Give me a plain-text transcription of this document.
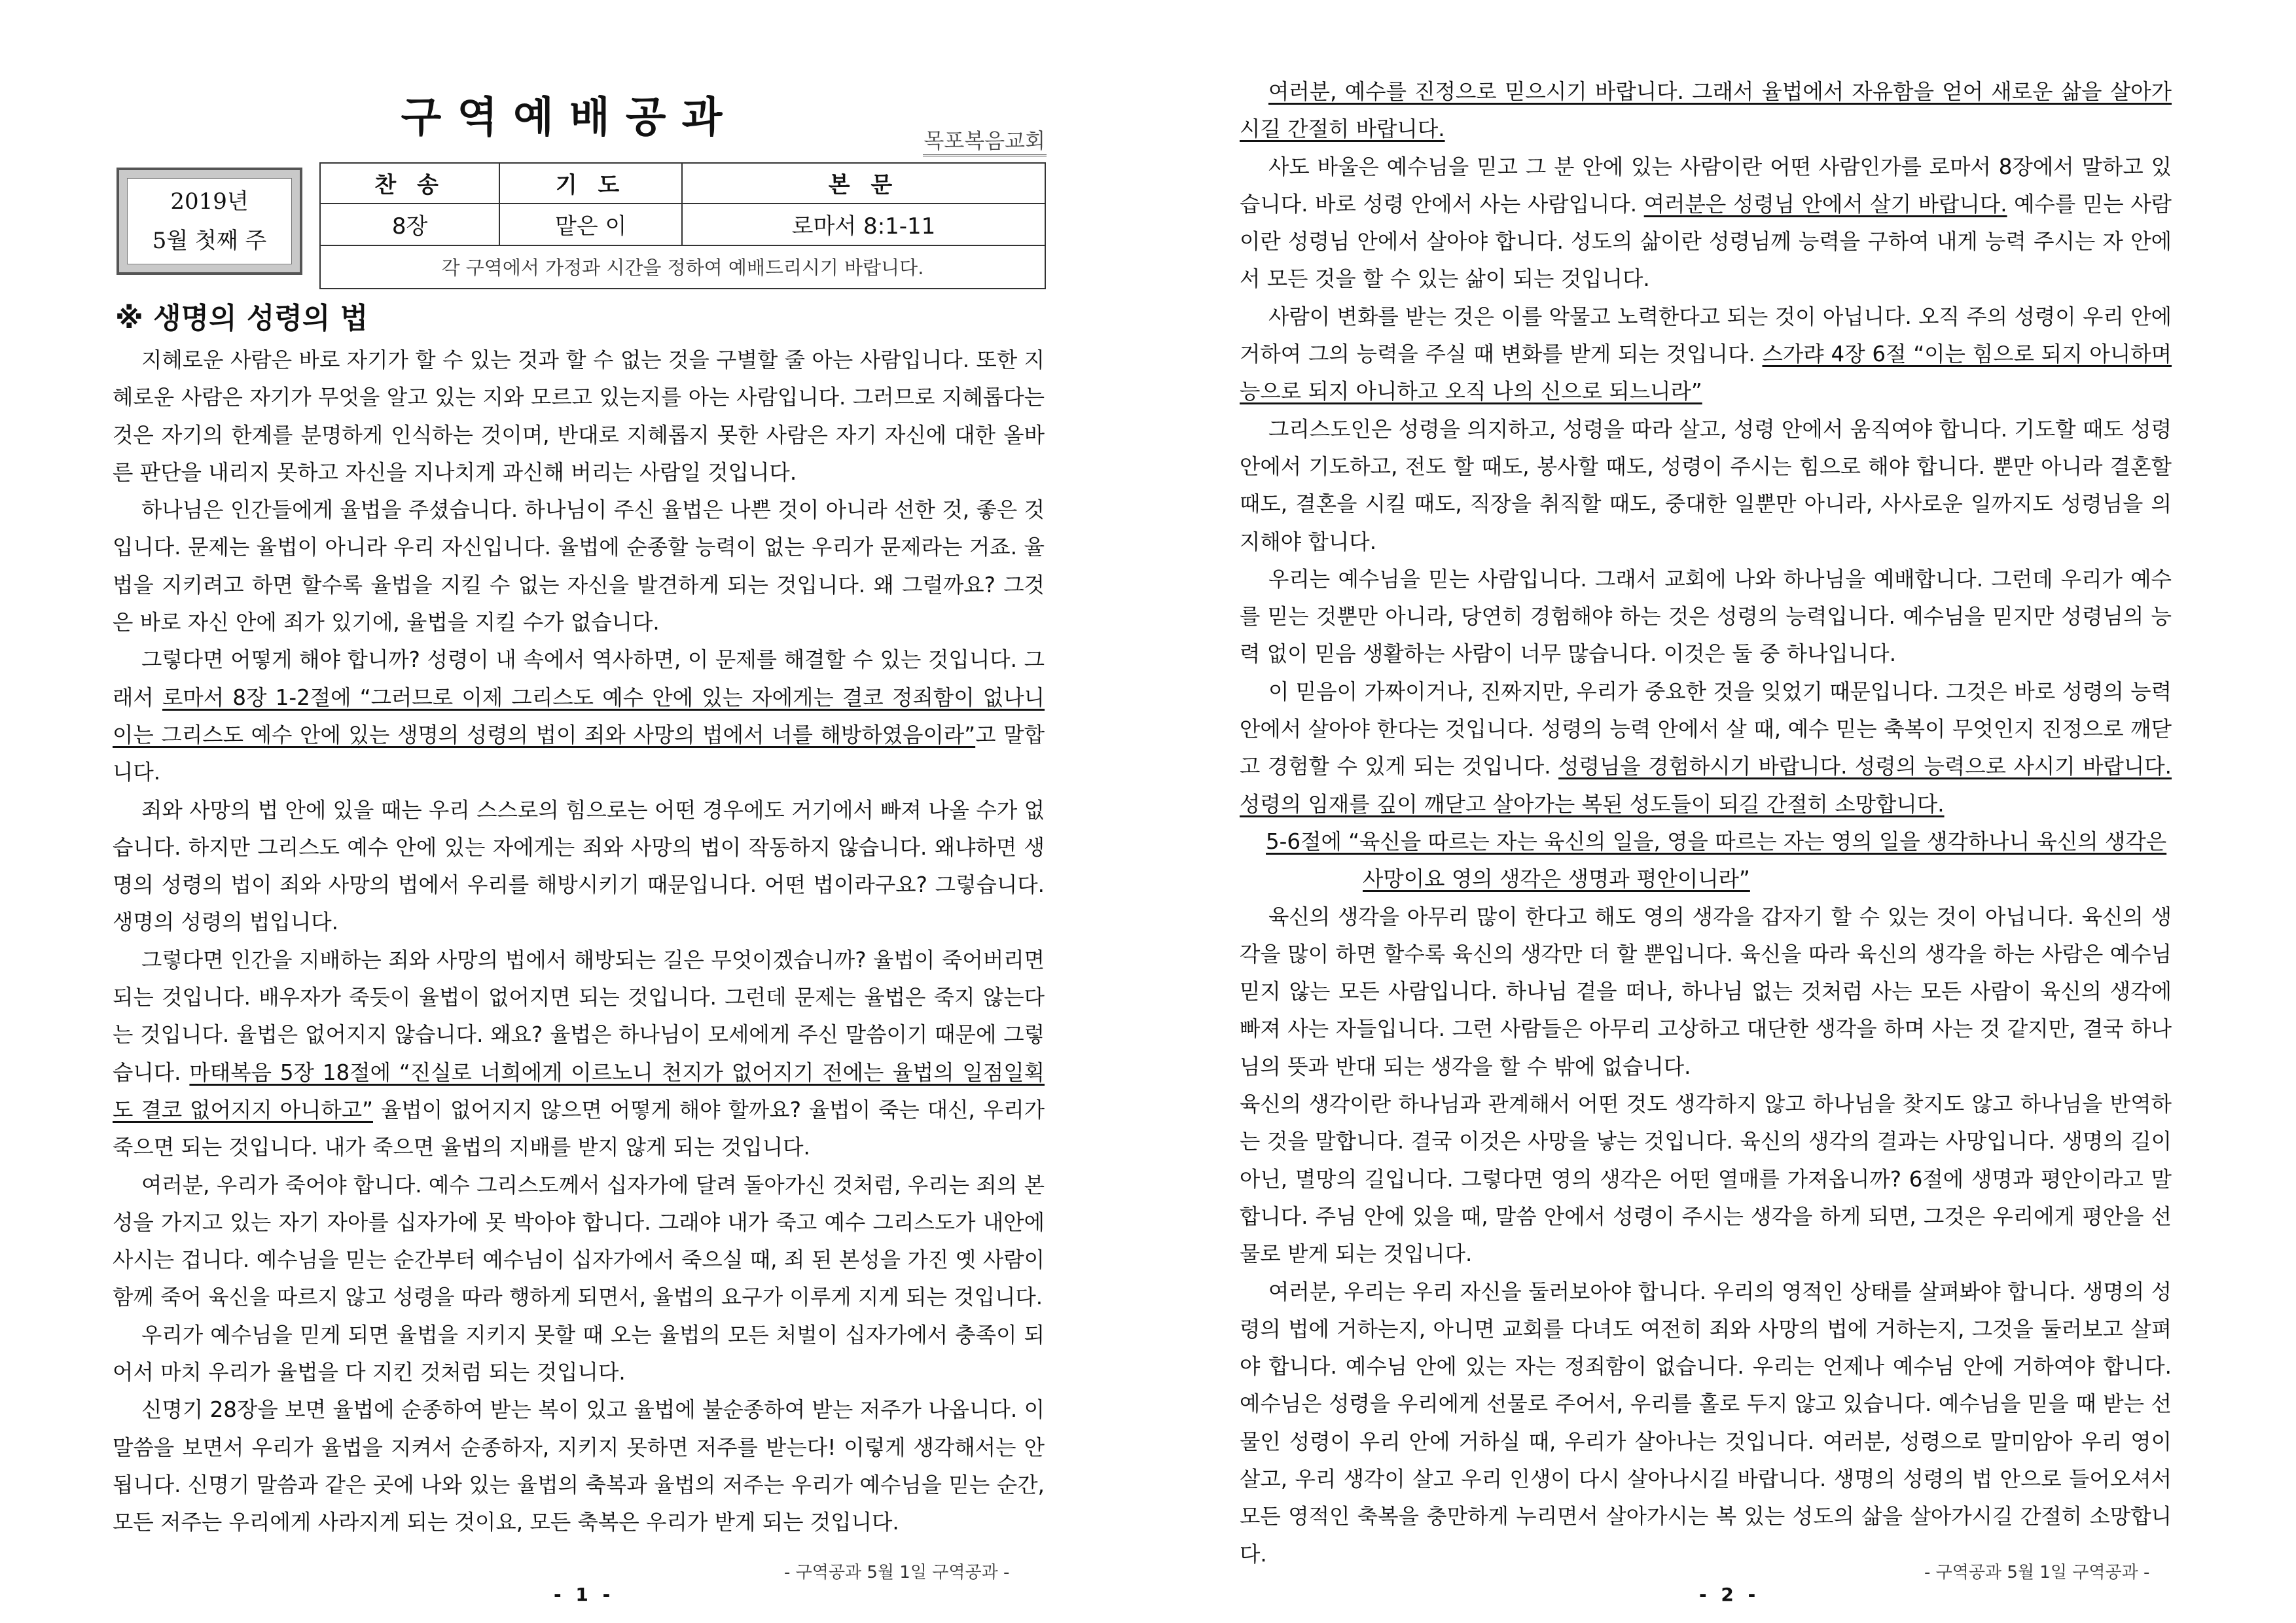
구역예배공과	목포복음교회
2019년
5월 첫째 주
찬 송	기 도	본 문
8장	맡은 이	로마서 8:1-11
각 구역에서 가정과 시간을 정하여 예배드리시기 바랍니다.		
※ 생명의 성령의 법

지혜로운 사람은 바로 자기가 할 수 있는 것과 할 수 없는 것을 구별할 줄 아는 사람입니다. 또한 지혜로운 사람은 자기가 무엇을 알고 있는 지와 모르고 있는지를 아는 사람입니다. 그러므로 지혜롭다는 것은 자기의 한계를 분명하게 인식하는 것이며, 반대로 지혜롭지 못한 사람은 자기 자신에 대한 올바른 판단을 내리지 못하고 자신을 지나치게 과신해 버리는 사람일 것입니다.

하나님은 인간들에게 율법을 주셨습니다. 하나님이 주신 율법은 나쁜 것이 아니라 선한 것, 좋은 것입니다. 문제는 율법이 아니라 우리 자신입니다. 율법에 순종할 능력이 없는 우리가 문제라는 거죠. 율법을 지키려고 하면 할수록 율법을 지킬 수 없는 자신을 발견하게 되는 것입니다. 왜 그럴까요? 그것은 바로 자신 안에 죄가 있기에, 율법을 지킬 수가 없습니다.

그렇다면 어떻게 해야 합니까? 성령이 내 속에서 역사하면, 이 문제를 해결할 수 있는 것입니다. 그래서 로마서 8장 1-2절에 “그러므로 이제 그리스도 예수 안에 있는 자에게는 결코 정죄함이 없나니 이는 그리스도 예수 안에 있는 생명의 성령의 법이 죄와 사망의 법에서 너를 해방하였음이라”고 말합니다.

죄와 사망의 법 안에 있을 때는 우리 스스로의 힘으로는 어떤 경우에도 거기에서 빠져 나올 수가 없습니다. 하지만 그리스도 예수 안에 있는 자에게는 죄와 사망의 법이 작동하지 않습니다. 왜냐하면 생명의 성령의 법이 죄와 사망의 법에서 우리를 해방시키기 때문입니다. 어떤 법이라구요? 그렇습니다. 생명의 성령의 법입니다.

그렇다면 인간을 지배하는 죄와 사망의 법에서 해방되는 길은 무엇이겠습니까? 율법이 죽어버리면 되는 것입니다. 배우자가 죽듯이 율법이 없어지면 되는 것입니다. 그런데 문제는 율법은 죽지 않는다는 것입니다. 율법은 없어지지 않습니다. 왜요? 율법은 하나님이 모세에게 주신 말씀이기 때문에 그렇습니다. 마태복음 5장 18절에 “진실로 너희에게 이르노니 천지가 없어지기 전에는 율법의 일점일획도 결코 없어지지 아니하고” 율법이 없어지지 않으면 어떻게 해야 할까요? 율법이 죽는 대신, 우리가 죽으면 되는 것입니다. 내가 죽으면 율법의 지배를 받지 않게 되는 것입니다.

여러분, 우리가 죽어야 합니다. 예수 그리스도께서 십자가에 달려 돌아가신 것처럼, 우리는 죄의 본성을 가지고 있는 자기 자아를 십자가에 못 박아야 합니다. 그래야 내가 죽고 예수 그리스도가 내안에 사시는 겁니다. 예수님을 믿는 순간부터 예수님이 십자가에서 죽으실 때, 죄 된 본성을 가진 옛 사람이 함께 죽어 육신을 따르지 않고 성령을 따라 행하게 되면서, 율법의 요구가 이루게 지게 되는 것입니다.

우리가 예수님을 믿게 되면 율법을 지키지 못할 때 오는 율법의 모든 처벌이 십자가에서 충족이 되어서 마치 우리가 율법을 다 지킨 것처럼 되는 것입니다.

신명기 28장을 보면 율법에 순종하여 받는 복이 있고 율법에 불순종하여 받는 저주가 나옵니다. 이 말씀을 보면서 우리가 율법을 지켜서 순종하자, 지키지 못하면 저주를 받는다! 이렇게 생각해서는 안 됩니다. 신명기 말씀과 같은 곳에 나와 있는 율법의 축복과 율법의 저주는 우리가 예수님을 믿는 순간, 모든 저주는 우리에게 사라지게 되는 것이요, 모든 축복은 우리가 받게 되는 것입니다.

- 구역공과 5월 1일 구역공과 -
- 1 -

여러분, 예수를 진정으로 믿으시기 바랍니다. 그래서 율법에서 자유함을 얻어 새로운 삶을 살아가시길 간절히 바랍니다.

사도 바울은 예수님을 믿고 그 분 안에 있는 사람이란 어떤 사람인가를 로마서 8장에서 말하고 있습니다. 바로 성령 안에서 사는 사람입니다. 여러분은 성령님 안에서 살기 바랍니다. 예수를 믿는 사람이란 성령님 안에서 살아야 합니다. 성도의 삶이란 성령님께 능력을 구하여 내게 능력 주시는 자 안에서 모든 것을 할 수 있는 삶이 되는 것입니다.

사람이 변화를 받는 것은 이를 악물고 노력한다고 되는 것이 아닙니다. 오직 주의 성령이 우리 안에 거하여 그의 능력을 주실 때 변화를 받게 되는 것입니다. 스가랴 4장 6절 “이는 힘으로 되지 아니하며 능으로 되지 아니하고 오직 나의 신으로 되느니라”

그리스도인은 성령을 의지하고, 성령을 따라 살고, 성령 안에서 움직여야 합니다. 기도할 때도 성령 안에서 기도하고, 전도 할 때도, 봉사할 때도, 성령이 주시는 힘으로 해야 합니다. 뿐만 아니라 결혼할 때도, 결혼을 시킬 때도, 직장을 취직할 때도, 중대한 일뿐만 아니라, 사사로운 일까지도 성령님을 의지해야 합니다.

우리는 예수님을 믿는 사람입니다. 그래서 교회에 나와 하나님을 예배합니다. 그런데 우리가 예수를 믿는 것뿐만 아니라, 당연히 경험해야 하는 것은 성령의 능력입니다. 예수님을 믿지만 성령님의 능력 없이 믿음 생활하는 사람이 너무 많습니다. 이것은 둘 중 하나입니다.

이 믿음이 가짜이거나, 진짜지만, 우리가 중요한 것을 잊었기 때문입니다. 그것은 바로 성령의 능력 안에서 살아야 한다는 것입니다. 성령의 능력 안에서 살 때, 예수 믿는 축복이 무엇인지 진정으로 깨닫고 경험할 수 있게 되는 것입니다. 성령님을 경험하시기 바랍니다. 성령의 능력으로 사시기 바랍니다. 성령의 임재를 깊이 깨닫고 살아가는 복된 성도들이 되길 간절히 소망합니다.

5-6절에 “육신을 따르는 자는 육신의 일을, 영을 따르는 자는 영의 일을 생각하나니 육신의 생각은
사망이요 영의 생각은 생명과 평안이니라”

육신의 생각을 아무리 많이 한다고 해도 영의 생각을 갑자기 할 수 있는 것이 아닙니다. 육신의 생각을 많이 하면 할수록 육신의 생각만 더 할 뿐입니다. 육신을 따라 육신의 생각을 하는 사람은 예수님 믿지 않는 모든 사람입니다. 하나님 곁을 떠나, 하나님 없는 것처럼 사는 모든 사람이 육신의 생각에 빠져 사는 자들입니다. 그런 사람들은 아무리 고상하고 대단한 생각을 하며 사는 것 같지만, 결국 하나님의 뜻과 반대 되는 생각을 할 수 밖에 없습니다.

육신의 생각이란 하나님과 관계해서 어떤 것도 생각하지 않고 하나님을 찾지도 않고 하나님을 반역하는 것을 말합니다. 결국 이것은 사망을 낳는 것입니다. 육신의 생각의 결과는 사망입니다. 생명의 길이 아닌, 멸망의 길입니다. 그렇다면 영의 생각은 어떤 열매를 가져옵니까? 6절에 생명과 평안이라고 말합니다. 주님 안에 있을 때, 말씀 안에서 성령이 주시는 생각을 하게 되면, 그것은 우리에게 평안을 선물로 받게 되는 것입니다.

여러분, 우리는 우리 자신을 둘러보아야 합니다. 우리의 영적인 상태를 살펴봐야 합니다. 생명의 성령의 법에 거하는지, 아니면 교회를 다녀도 여전히 죄와 사망의 법에 거하는지, 그것을 둘러보고 살펴야 합니다. 예수님 안에 있는 자는 정죄함이 없습니다. 우리는 언제나 예수님 안에 거하여야 합니다. 예수님은 성령을 우리에게 선물로 주어서, 우리를 홀로 두지 않고 있습니다. 예수님을 믿을 때 받는 선물인 성령이 우리 안에 거하실 때, 우리가 살아나는 것입니다. 여러분, 성령으로 말미암아 우리 영이 살고, 우리 생각이 살고 우리 인생이 다시 살아나시길 바랍니다. 생명의 성령의 법 안으로 들어오셔서 모든 영적인 축복을 충만하게 누리면서 살아가시는 복 있는 성도의 삶을 살아가시길 간절히 소망합니다.

- 구역공과 5월 1일 구역공과 -
- 2 -
